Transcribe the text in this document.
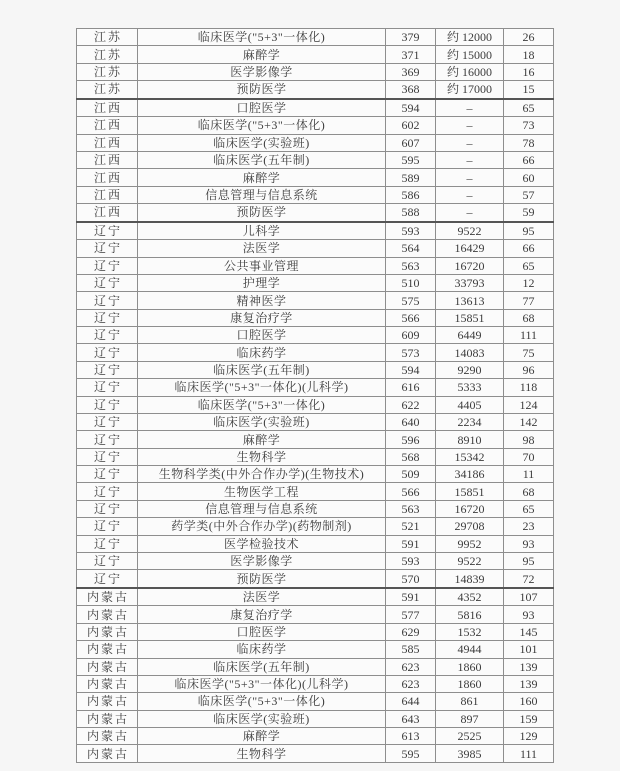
江苏	临床医学("5+3"一体化)	379	约 12000	26
江苏	麻醉学	371	约 15000	18
江苏	医学影像学	369	约 16000	16
江苏	预防医学	368	约 17000	15
江西	口腔医学	594	–	65
江西	临床医学("5+3"一体化)	602	–	73
江西	临床医学(实验班)	607	–	78
江西	临床医学(五年制)	595	–	66
江西	麻醉学	589	–	60
江西	信息管理与信息系统	586	–	57
江西	预防医学	588	–	59
辽宁	儿科学	593	9522	95
辽宁	法医学	564	16429	66
辽宁	公共事业管理	563	16720	65
辽宁	护理学	510	33793	12
辽宁	精神医学	575	13613	77
辽宁	康复治疗学	566	15851	68
辽宁	口腔医学	609	6449	111
辽宁	临床药学	573	14083	75
辽宁	临床医学(五年制)	594	9290	96
辽宁	临床医学("5+3"一体化)(儿科学)	616	5333	118
辽宁	临床医学("5+3"一体化)	622	4405	124
辽宁	临床医学(实验班)	640	2234	142
辽宁	麻醉学	596	8910	98
辽宁	生物科学	568	15342	70
辽宁	生物科学类(中外合作办学)(生物技术)	509	34186	11
辽宁	生物医学工程	566	15851	68
辽宁	信息管理与信息系统	563	16720	65
辽宁	药学类(中外合作办学)(药物制剂)	521	29708	23
辽宁	医学检验技术	591	9952	93
辽宁	医学影像学	593	9522	95
辽宁	预防医学	570	14839	72
内蒙古	法医学	591	4352	107
内蒙古	康复治疗学	577	5816	93
内蒙古	口腔医学	629	1532	145
内蒙古	临床药学	585	4944	101
内蒙古	临床医学(五年制)	623	1860	139
内蒙古	临床医学("5+3"一体化)(儿科学)	623	1860	139
内蒙古	临床医学("5+3"一体化)	644	861	160
内蒙古	临床医学(实验班)	643	897	159
内蒙古	麻醉学	613	2525	129
内蒙古	生物科学	595	3985	111
